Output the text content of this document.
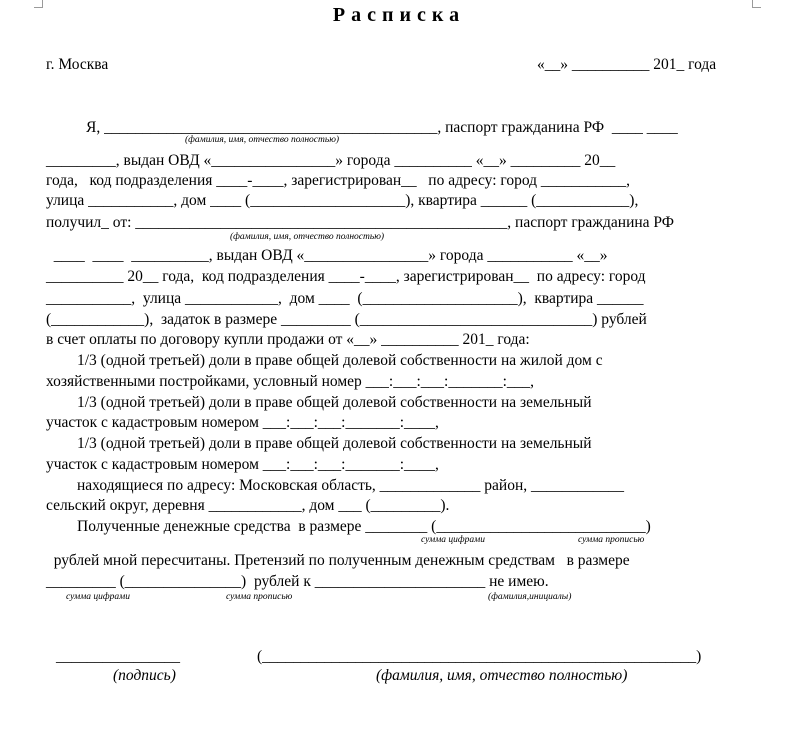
Расписка
г. Москва	«__» __________ 201_ года
Я, ___________________________________________, паспорт гражданина РФ  ____ ____
(фамилия, имя, отчество полностью)
_________, выдан ОВД «________________» города __________ «__» _________ 20__
года,   код подразделения ____-____, зарегистрирован__   по адресу: город ___________,
улица ___________, дом ____ (____________________), квартира ______ (____________),
получил_ от: ________________________________________________, паспорт гражданина РФ
(фамилия, имя, отчество полностью)
____  ____  __________, выдан ОВД «________________» города ___________ «__»
__________ 20__ года,  код подразделения ____-____, зарегистрирован__  по адресу: город
___________,  улица ____________,  дом ____  (____________________),  квартира ______
(____________),  задаток в размере _________ (______________________________) рублей
в счет оплаты по договору купли продажи от «__» __________ 201_ года:
1/3 (одной третьей) доли в праве общей долевой собственности на жилой дом с
хозяйственными постройками, условный номер ___:___:___:_______:___,
1/3 (одной третьей) доли в праве общей долевой собственности на земельный
участок с кадастровым номером ___:___:___:_______:____,
1/3 (одной третьей) доли в праве общей долевой собственности на земельный
участок с кадастровым номером ___:___:___:_______:____,
находящиеся по адресу: Московская область, _____________ район, ____________
сельский округ, деревня ____________, дом ___ (_________).
Полученные денежные средства  в размере ________ (___________________________)
сумма цифрами	сумма прописью
рублей мной пересчитаны. Претензий по полученным денежным средствам   в размере
_________ (_______________)  рублей к ______________________ не имею.
сумма цифрами	сумма прописью	(фамилия,инициалы)
________________	(________________________________________________________)
(подпись)	(фамилия, имя, отчество полностью)
